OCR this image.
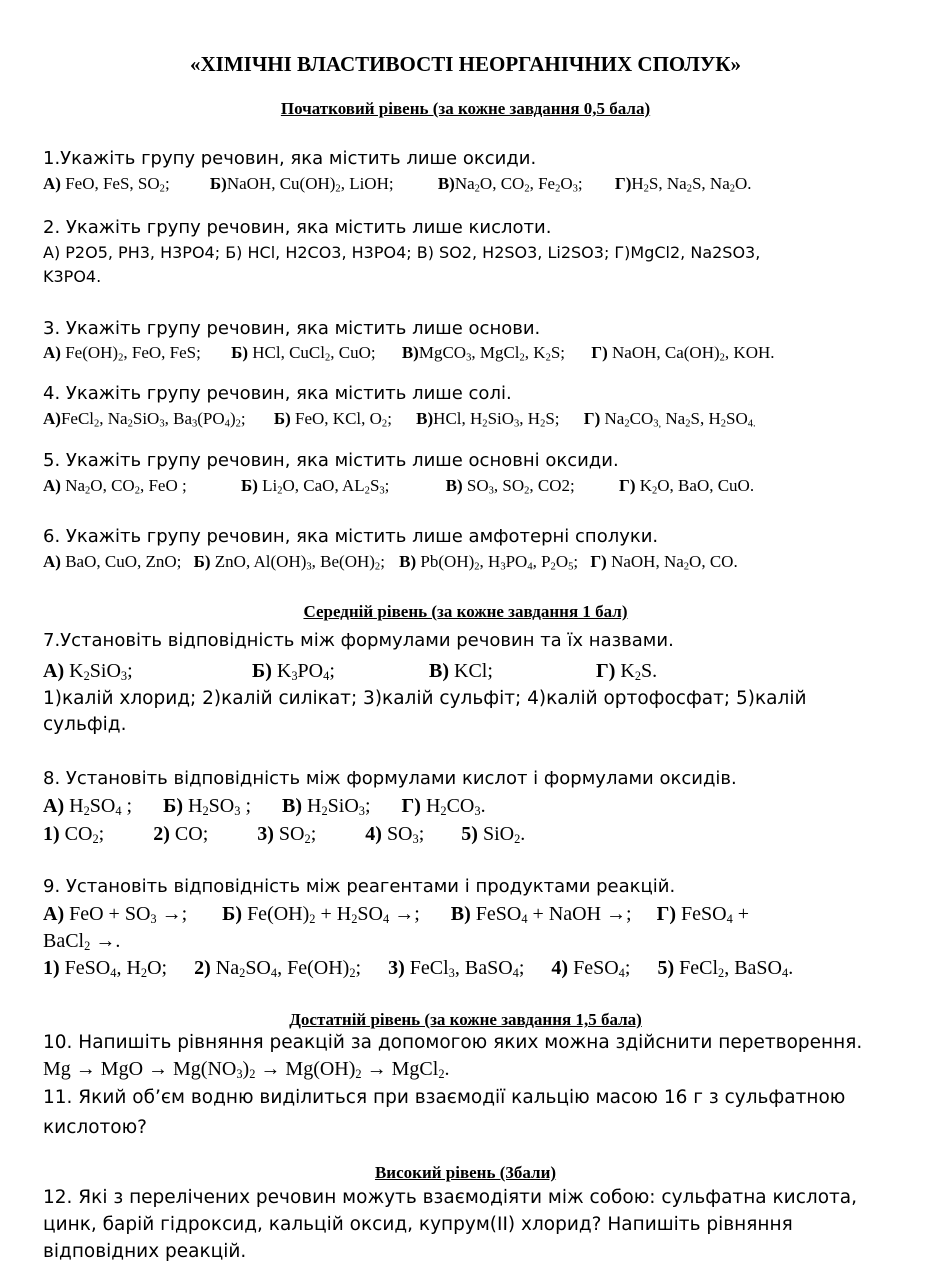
«ХІМІЧНІ ВЛАСТИВОСТІ НЕОРГАНІЧНИХ СПОЛУК»
Початковий рівень (за кожне завдання 0,5 бала)
1.Укажіть групу речовин, яка містить лише оксиди.
А) FeO, FeS, $SO_2$; Б)NaOH, $Cu(OH)_2$, LiOH;	$В)Na_2O$, $CO_2$, $Fe_2O_3$; $Г)H_2S$, $Na_2S$, $Na_2O$.
2. Укажіть групу речовин, яка містить лише кислоти.
А) P2O5, PH3, H3PO4; Б) HCl, H2CO3, H3PO4; В) SO2, H2SO3, Li2SO3; Г)MgCl2, Na2SO3,
K3PO4.
3. Укажіть групу речовин, яка містить лише основи.
А) $Fe(OH)_2$, FeO, FeS; Б) HCl, CuCl$_2$, CuO; В)MgCO$_3$, MgCl$_2$, $K_2S$; Г) NaOH, $Ca(OH)_2$, KOH.
4. Укажіть групу речовин, яка містить лише солі.
А)FeCl$_2$, $Na_2SiO_3$, $Ba_3(PO_4)_2$; Б) FeO, KCl, $O_2$; В)HCl, $H_2SiO_3$, $H_2S$; Г) $Na_2CO_{3,}$ $Na_2S$, $H_2SO_{4.}$
5. Укажіть групу речовин, яка містить лише основні оксиди.
А) $Na_2O$, $CO_2$, FeO ;	Б) $Li_2O$, CaO, $AL_2S_3$;	В) $SO_3$, $SO_2$, CO2;	Г) $K_2O$, BaO, CuO.
6. Укажіть групу речовин, яка містить лише амфотерні сполуки.
А) BaO, CuO, ZnO; Б) ZnO, $Al(OH)_3$, $Be(OH)_2$; В) $Pb(OH)_2$, $H_3PO_4$, $P_2O_5$; Г) NaOH, $Na_2O$, CO.
Середній рівень (за кожне завдання 1 бал)
7.Установіть відповідність між формулами речовин та їх назвами.
А) $K_2SiO_3$;	Б) $K_3PO_4$;	В) KCl;	Г) $K_2S$.
1)калій хлорид; 2)калій силікат; 3)калій сульфіт; 4)калій ортофосфат; 5)калій
сульфід.
8. Установіть відповідність між формулами кислот і формулами оксидів.
А) $H_2SO_4$ ; Б) $H_2SO_3$ ; В) $H_2SiO_3$; Г) $H_2CO_3$.
1) $CO_2$; 2) CO; 3) $SO_2$; 4) $SO_3$; 5) SiO$_2$.
9. Установіть відповідність між реагентами і продуктами реакцій.
А) FeO + $SO_3$ →; Б) $Fe(OH)_2 + H_2SO_4$ →; В) FeSO$_4$ + NaOH →; Г) FeSO$_4$ +
BaCl$_2$ →.
1) FeSO$_4$, $H_2O$; 2) $Na_2SO_4$, $Fe(OH)_2$; 3) FeCl$_3$, BaSO$_4$; 4) FeSO$_4$; 5) FeCl$_2$, BaSO$_4$.
Достатній рівень (за кожне завдання 1,5 бала)
10. Напишіть рівняння реакцій за допомогою яких можна здійснити перетворення.
Mg → MgO → $Mg(NO_3)_2 \to Mg(OH)_2$ → MgCl$_2$.
11. Який об’єм водню виділиться при взаємодії кальцію масою 16 г з сульфатною
кислотою?
Високий рівень (3бали)
12. Які з перелічених речовин можуть взаємодіяти між собою: сульфатна кислота,
цинк, барій гідроксид, кальцій оксид, купрум(II) хлорид? Напишіть рівняння
відповідних реакцій.
